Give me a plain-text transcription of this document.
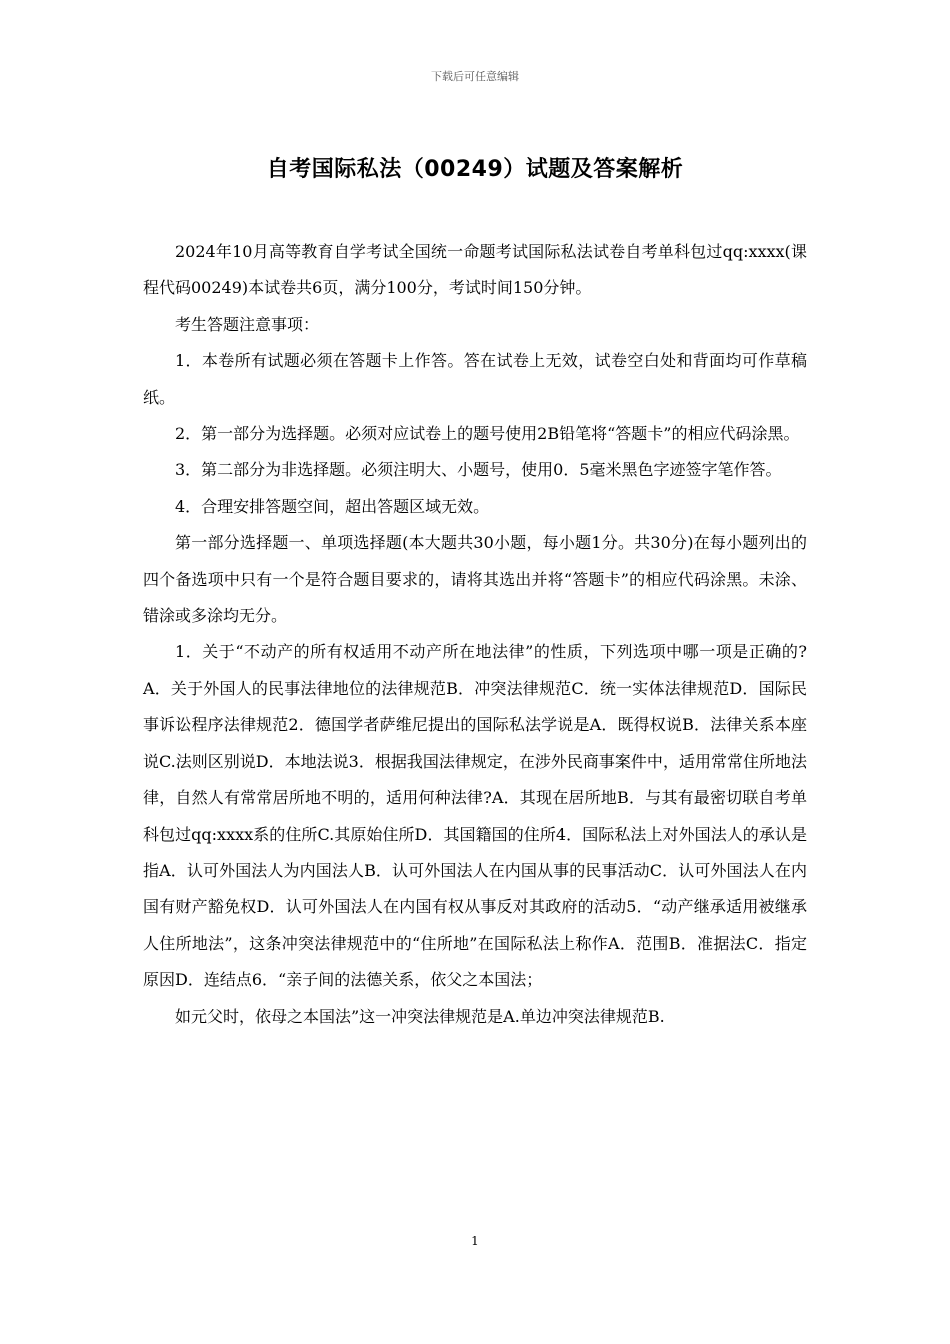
下载后可任意编辑
自考国际私法（00249）试题及答案解析

2024年10月高等教育自学考试全国统一命题考试国际私法试卷自考单科包过qq:xxxx(课程代码00249)本试卷共6页，满分100分，考试时间150分钟。

考生答题注意事项：

1．本卷所有试题必须在答题卡上作答。答在试卷上无效，试卷空白处和背面均可作草稿纸。

2．第一部分为选择题。必须对应试卷上的题号使用2B铅笔将“答题卡”的相应代码涂黑。

3．第二部分为非选择题。必须注明大、小题号，使用0．5毫米黑色字迹签字笔作答。

4．合理安排答题空间，超出答题区域无效。

第一部分选择题一、单项选择题(本大题共30小题，每小题1分。共30分)在每小题列出的四个备选项中只有一个是符合题目要求的，请将其选出并将“答题卡”的相应代码涂黑。未涂、错涂或多涂均无分。

1．关于“不动产的所有权适用不动产所在地法律”的性质，下列选项中哪一项是正确的?A．关于外国人的民事法律地位的法律规范B．冲突法律规范C．统一实体法律规范D．国际民事诉讼程序法律规范2．德国学者萨维尼提出的国际私法学说是A．既得权说B．法律关系本座说C.法则区别说D．本地法说3．根据我国法律规定，在涉外民商事案件中，适用常常住所地法律，自然人有常常居所地不明的，适用何种法律?A．其现在居所地B．与其有最密切联自考单科包过qq:xxxx系的住所C.其原始住所D．其国籍国的住所4．国际私法上对外国法人的承认是指A．认可外国法人为内国法人B．认可外国法人在内国从事的民事活动C．认可外国法人在内国有财产豁免权D．认可外国法人在内国有权从事反对其政府的活动5．“动产继承适用被继承人住所地法”，这条冲突法律规范中的“住所地”在国际私法上称作A．范围B．准据法C．指定原因D．连结点6．“亲子间的法德关系，依父之本国法；

如元父时，依母之本国法”这一冲突法律规范是A.单边冲突法律规范B.

1
